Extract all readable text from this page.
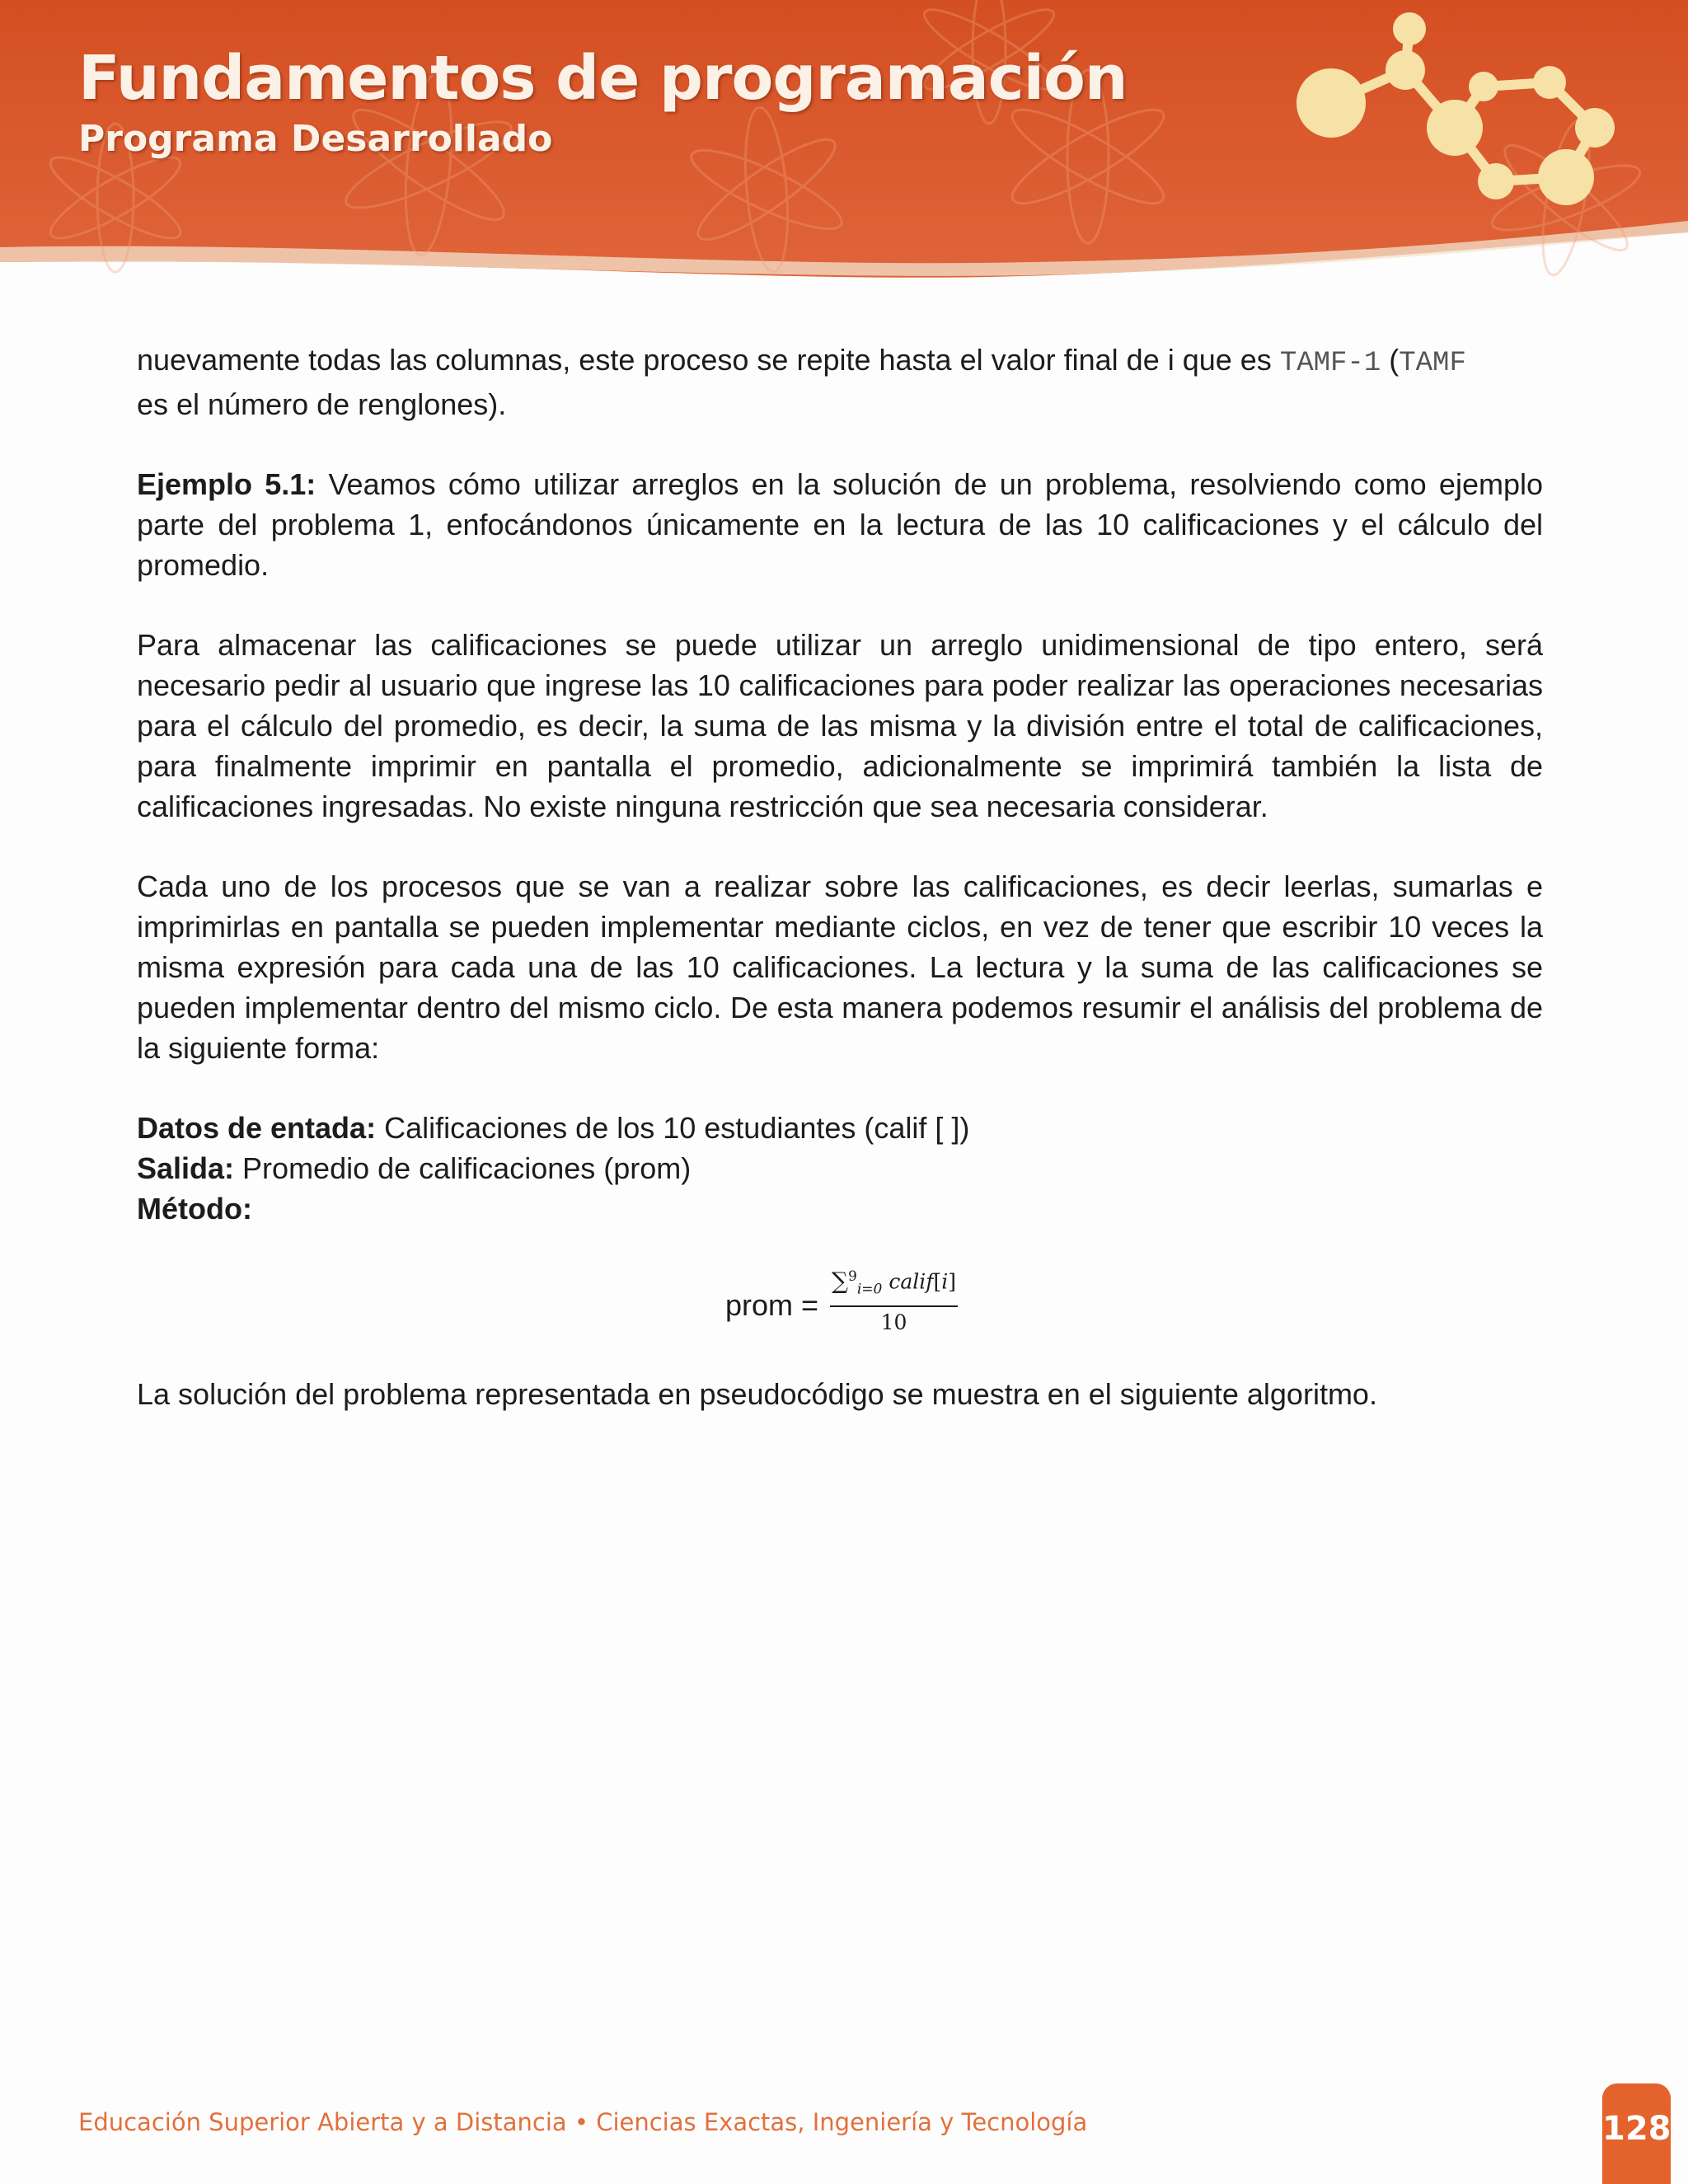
Fundamentos de programación
Programa Desarrollado

nuevamente todas las columnas, este proceso se repite hasta el valor final de i que es TAMF-1 (TAMF
es el número de renglones).

Ejemplo 5.1: Veamos cómo utilizar arreglos en la solución de un problema, resolviendo como ejemplo parte del problema 1, enfocándonos únicamente en la lectura de las 10 calificaciones y el cálculo del promedio.

Para almacenar las calificaciones se puede utilizar un arreglo unidimensional de tipo entero, será necesario pedir al usuario que ingrese las 10 calificaciones para poder realizar las operaciones necesarias para el cálculo del promedio, es decir, la suma de las misma y la división entre el total de calificaciones, para finalmente imprimir en pantalla el promedio, adicionalmente se imprimirá también la lista de calificaciones ingresadas. No existe ninguna restricción que sea necesaria considerar.

Cada uno de los procesos que se van a realizar sobre las calificaciones, es decir leerlas, sumarlas e imprimirlas en pantalla se pueden implementar mediante ciclos, en vez de tener que escribir 10 veces la misma expresión para cada una de las 10 calificaciones. La lectura y la suma de las calificaciones se pueden implementar dentro del mismo ciclo. De esta manera podemos resumir el análisis del problema de la siguiente forma:

Datos de entada: Calificaciones de los 10 estudiantes (calif [ ])

Salida: Promedio de calificaciones (prom)

Método:

prom =
∑$^9_{i=0}$ calif[i]
10

La solución del problema representada en pseudocódigo se muestra en el siguiente algoritmo.

Educación Superior Abierta y a Distancia • Ciencias Exactas, Ingeniería y Tecnología	128
